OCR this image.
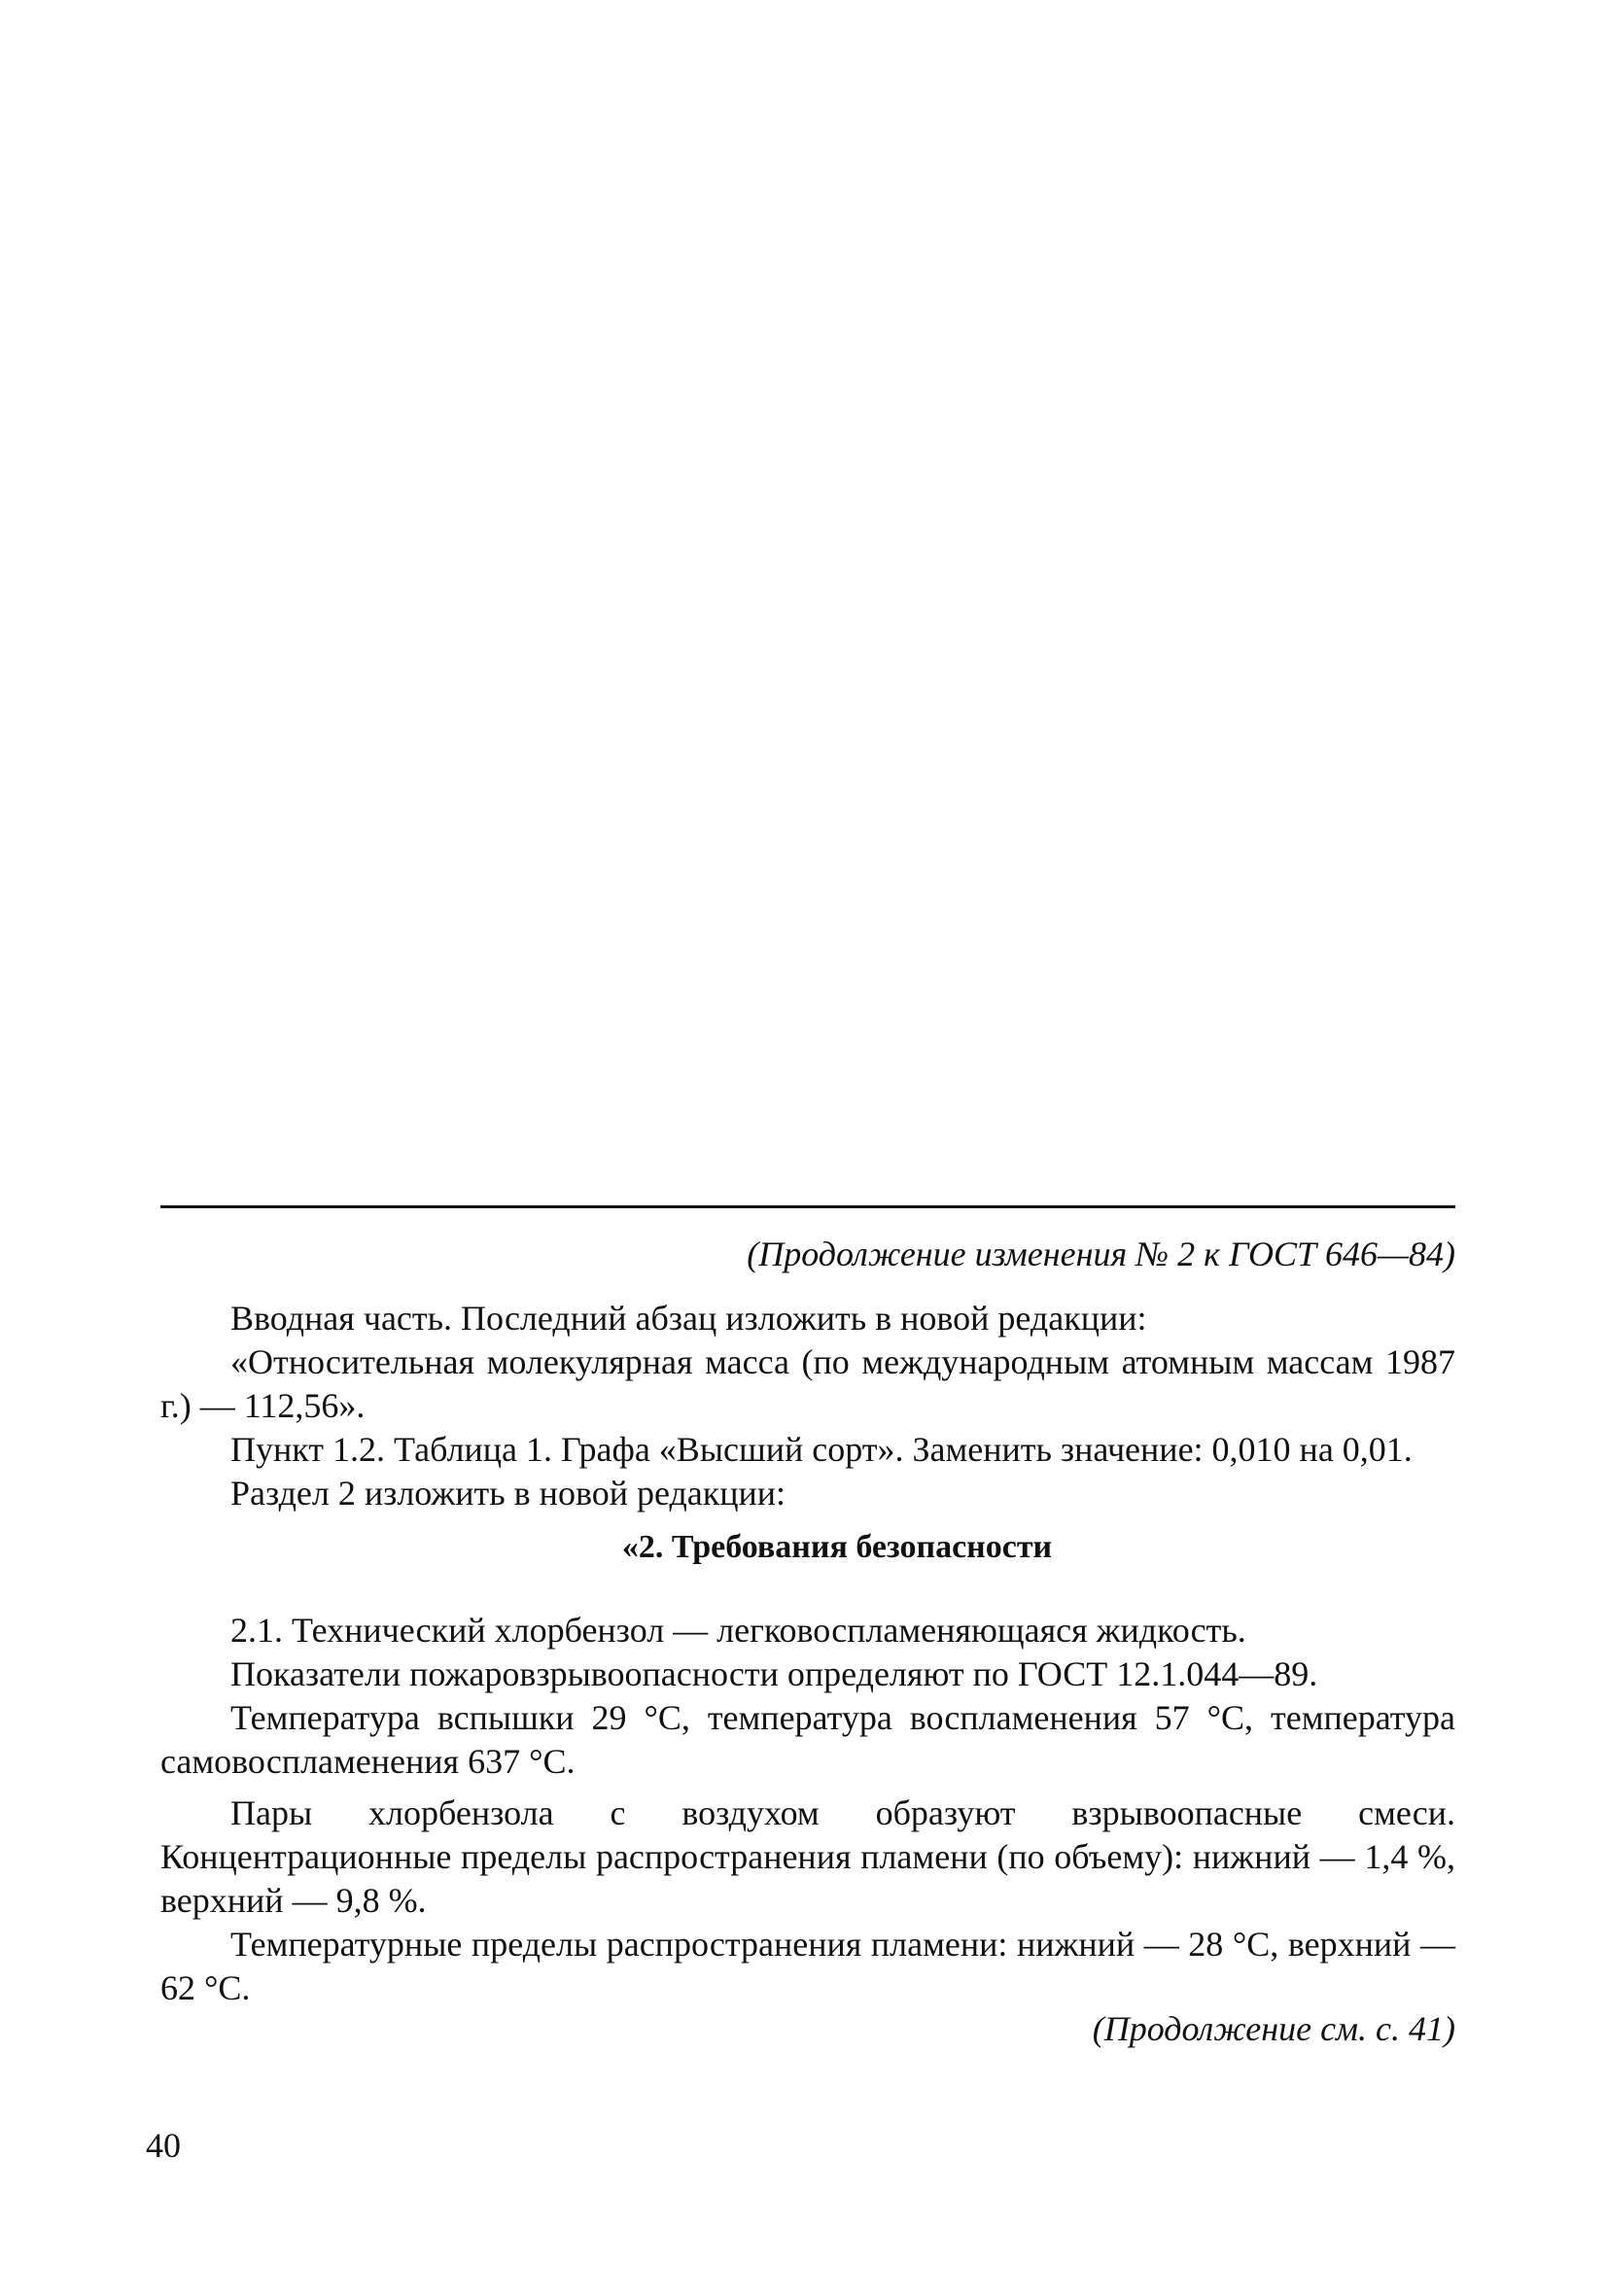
(Продолжение изменения № 2 к ГОСТ 646—84)

Вводная часть. Последний абзац изложить в новой редакции:

«Относительная молекулярная масса (по международным атомным массам 1987 г.) — 112,56».

Пункт 1.2. Таблица 1. Графа «Высший сорт». Заменить значение: 0,010 на 0,01.

Раздел 2 изложить в новой редакции:

«2. Требования безопасности

2.1. Технический хлорбензол — легковоспламеняющаяся жидкость.

Показатели пожаровзрывоопасности определяют по ГОСТ 12.1.044—89.

Температура вспышки 29 °С, температура воспламенения 57 °С, температура самовоспламенения 637 °С.

Пары хлорбензола с воздухом образуют взрывоопасные смеси. Концентрационные пределы распространения пламени (по объему): нижний — 1,4 %, верхний — 9,8 %.

Температурные пределы распространения пламени: нижний — 28 °С, верхний — 62 °С.

(Продолжение см. с. 41)
40
